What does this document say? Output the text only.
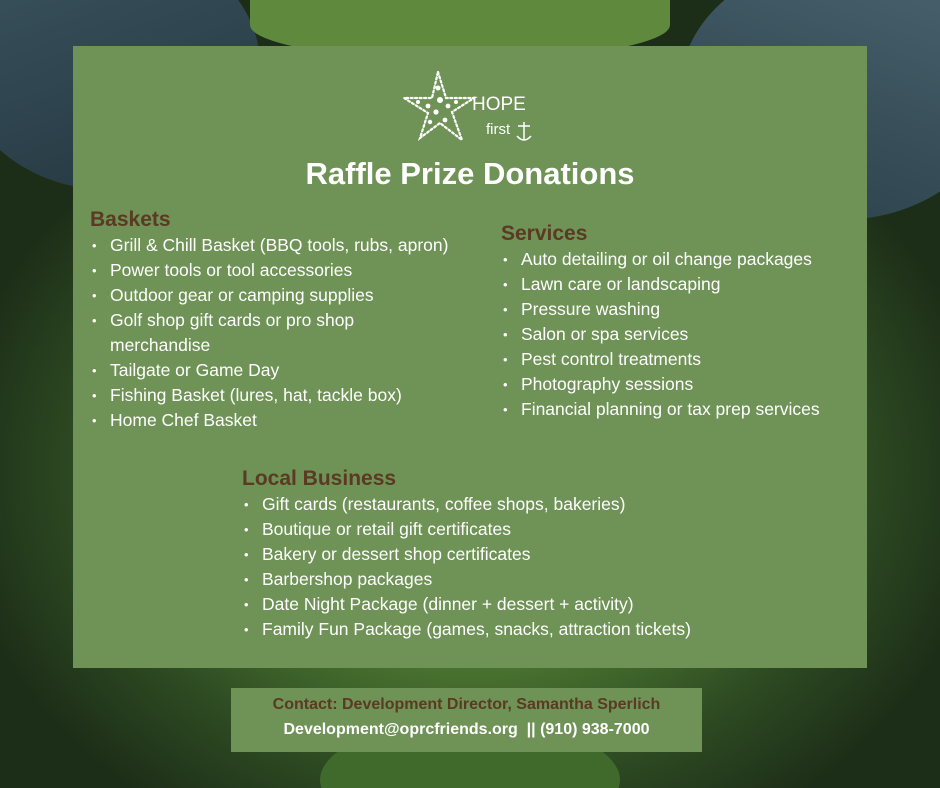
HOPE
first
Raffle Prize Donations
Baskets
• Grill & Chill Basket (BBQ tools, rubs, apron)
• Power tools or tool accessories
• Outdoor gear or camping supplies
• Golf shop gift cards or pro shop merchandise
• Tailgate or Game Day
• Fishing Basket (lures, hat, tackle box)
• Home Chef Basket
Services
• Auto detailing or oil change packages
• Lawn care or landscaping
• Pressure washing
• Salon or spa services
• Pest control treatments
• Photography sessions
• Financial planning or tax prep services
Local Business
• Gift cards (restaurants, coffee shops, bakeries)
• Boutique or retail gift certificates
• Bakery or dessert shop certificates
• Barbershop packages
• Date Night Package (dinner + dessert + activity)
• Family Fun Package (games, snacks, attraction tickets)
Contact: Development Director, Samantha Sperlich
Development@oprcfriends.org  || (910) 938-7000
